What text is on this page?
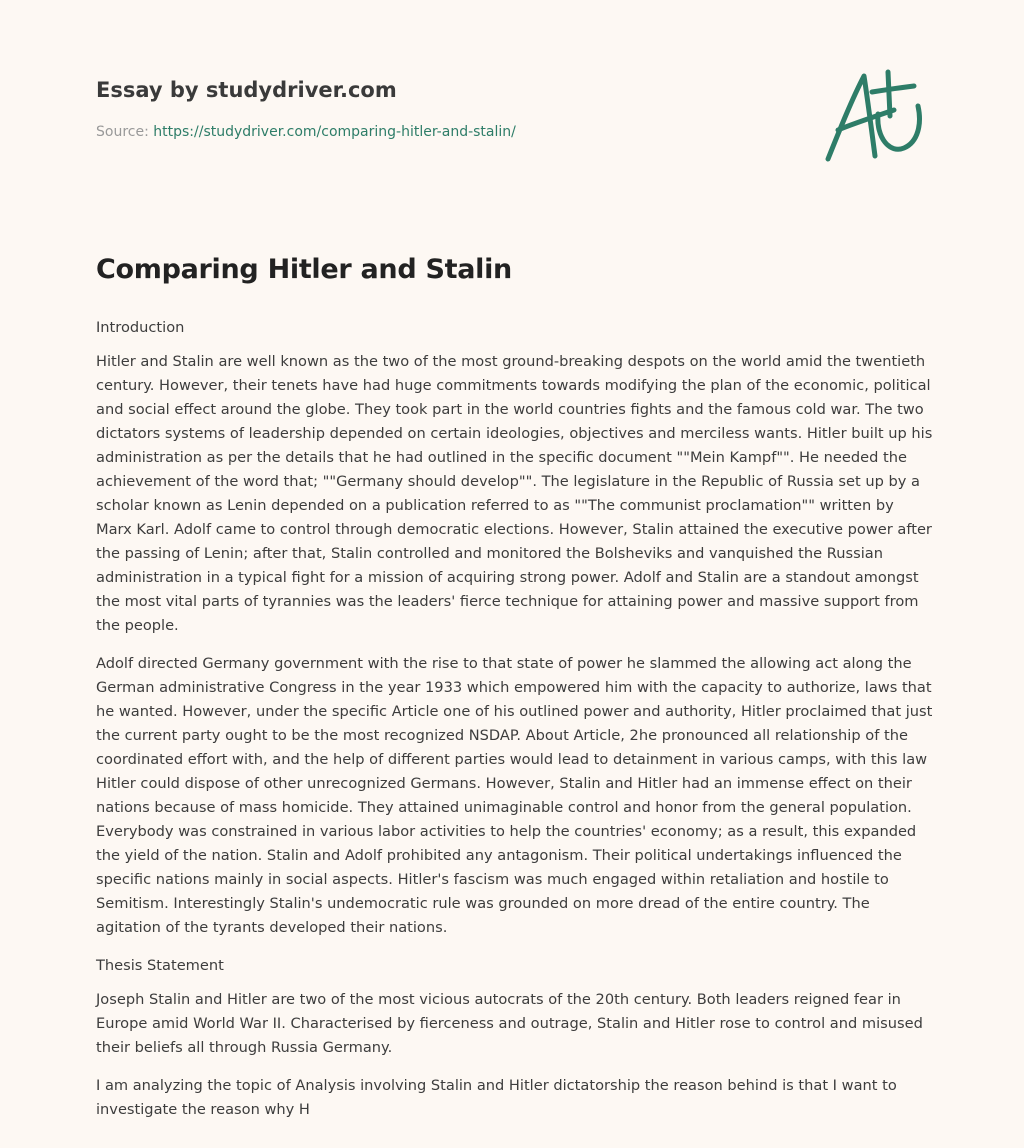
Essay by studydriver.com
Source: https://studydriver.com/comparing-hitler-and-stalin/
Comparing Hitler and Stalin

Introduction

Hitler and Stalin are well known as the two of the most ground-breaking despots on the world amid the twentieth century. However, their tenets have had huge commitments towards modifying the plan of the economic, political and social effect around the globe. They took part in the world countries fights and the famous cold war. The two dictators systems of leadership depended on certain ideologies, objectives and merciless wants. Hitler built up his administration as per the details that he had outlined in the specific document ""Mein Kampf"". He needed the achievement of the word that; ""Germany should develop"". The legislature in the Republic of Russia set up by a scholar known as Lenin depended on a publication referred to as ""The communist proclamation"" written by Marx Karl. Adolf came to control through democratic elections. However, Stalin attained the executive power after the passing of Lenin; after that, Stalin controlled and monitored the Bolsheviks and vanquished the Russian administration in a typical fight for a mission of acquiring strong power. Adolf and Stalin are a standout amongst the most vital parts of tyrannies was the leaders' fierce technique for attaining power and massive support from the people.

Adolf directed Germany government with the rise to that state of power he slammed the allowing act along the German administrative Congress in the year 1933 which empowered him with the capacity to authorize, laws that he wanted. However, under the specific Article one of his outlined power and authority, Hitler proclaimed that just the current party ought to be the most recognized NSDAP. About Article, 2he pronounced all relationship of the coordinated effort with, and the help of different parties would lead to detainment in various camps, with this law Hitler could dispose of other unrecognized Germans. However, Stalin and Hitler had an immense effect on their nations because of mass homicide. They attained unimaginable control and honor from the general population. Everybody was constrained in various labor activities to help the countries' economy; as a result, this expanded the yield of the nation. Stalin and Adolf prohibited any antagonism. Their political undertakings influenced the specific nations mainly in social aspects. Hitler's fascism was much engaged within retaliation and hostile to Semitism. Interestingly Stalin's undemocratic rule was grounded on more dread of the entire country. The agitation of the tyrants developed their nations.

Thesis Statement

Joseph Stalin and Hitler are two of the most vicious autocrats of the 20th century. Both leaders reigned fear in Europe amid World War II. Characterised by fierceness and outrage, Stalin and Hitler rose to control and misused their beliefs all through Russia Germany.

I am analyzing the topic of Analysis involving Stalin and Hitler dictatorship the reason behind is that I want to investigate the reason why H
